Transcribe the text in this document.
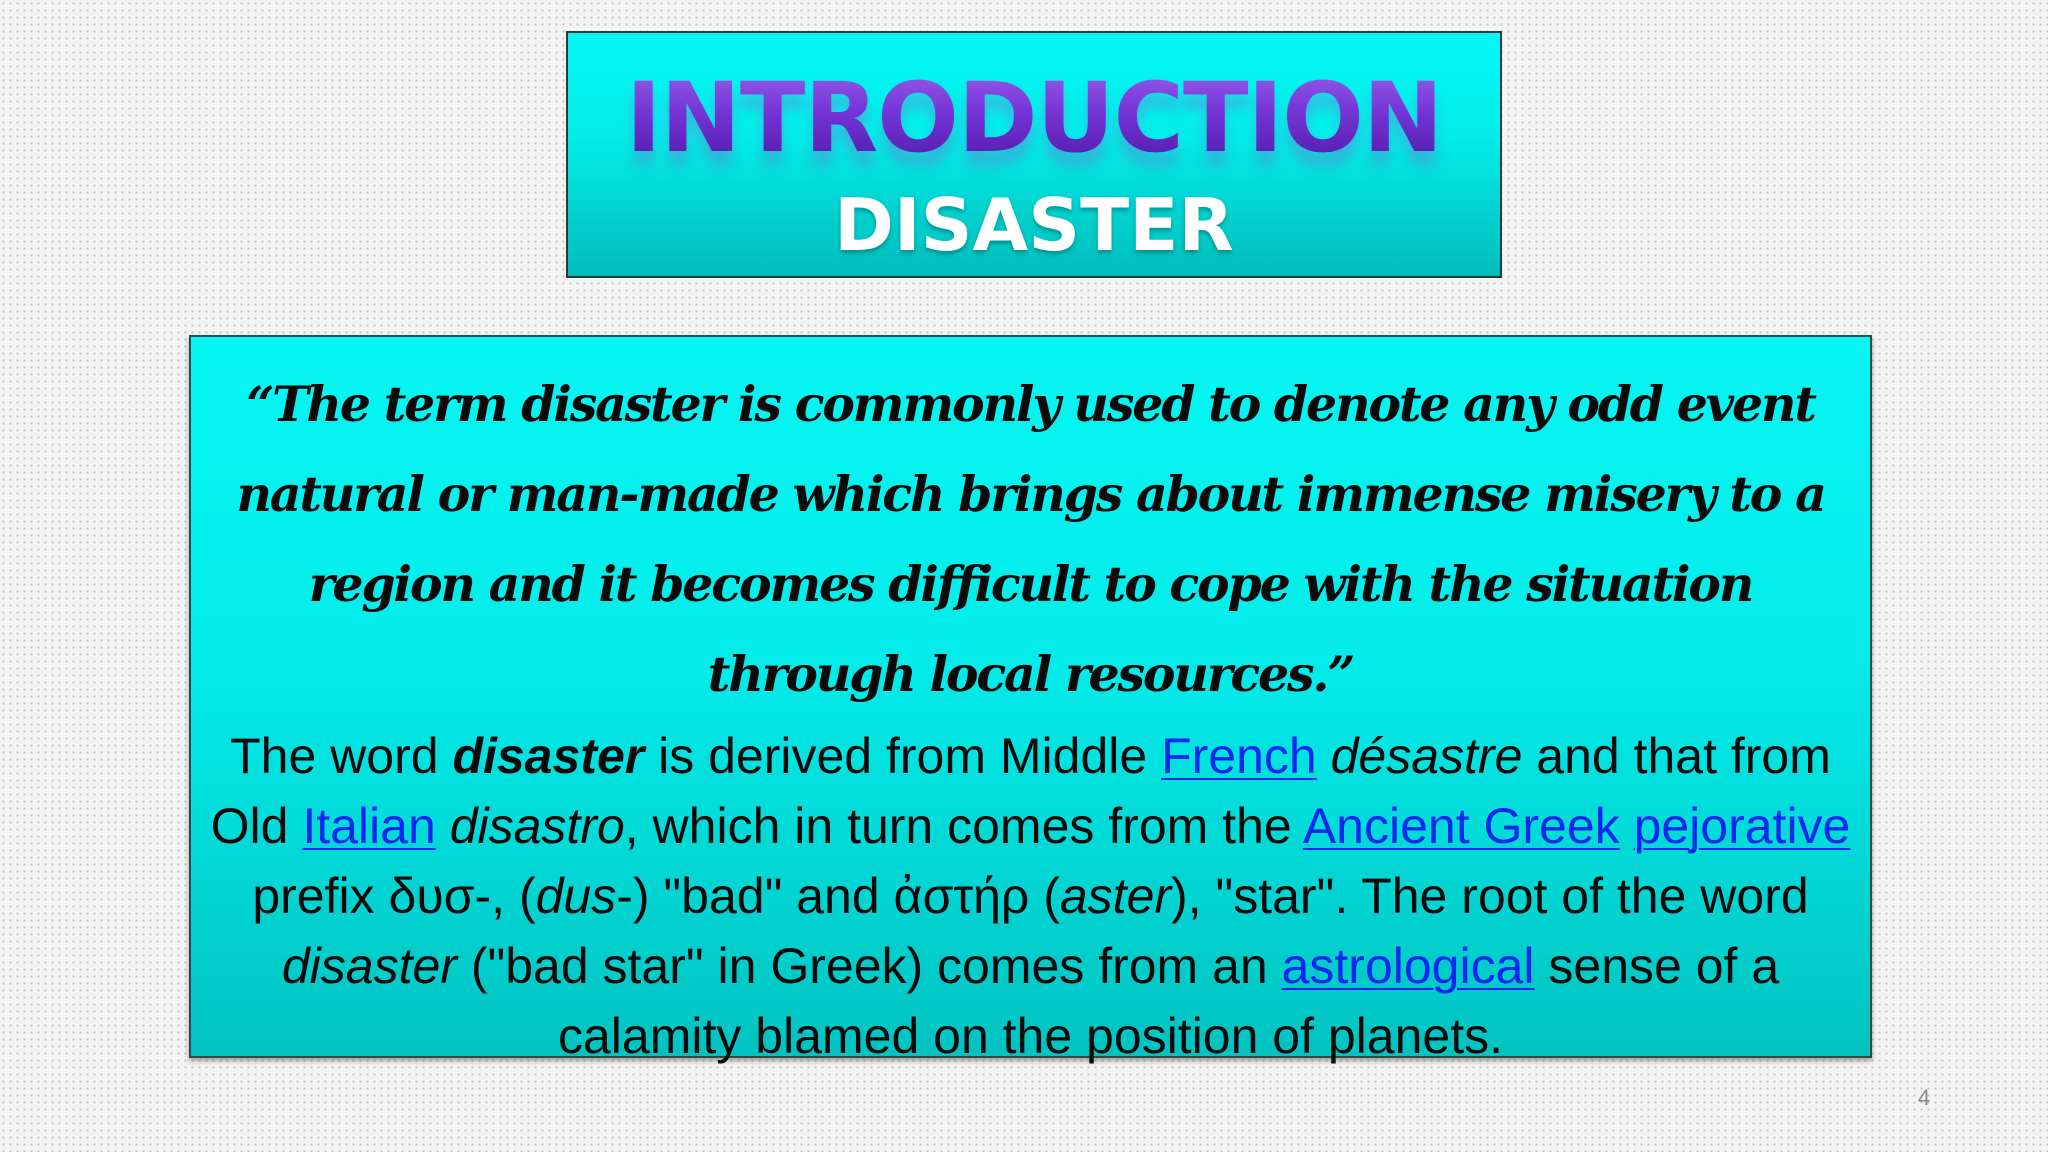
INTRODUCTION
DISASTER

“The term disaster is commonly used to denote any odd event natural or man-made which brings about immense misery to a region and it becomes difficult to cope with the situation through local resources.”

The word disaster is derived from Middle French désastre and that from Old Italian disastro, which in turn comes from the Ancient Greek pejorative prefix δυσ-, (dus-) "bad" and ἀστήρ (aster), "star". The root of the word disaster ("bad star" in Greek) comes from an astrological sense of a calamity blamed on the position of planets.

4
